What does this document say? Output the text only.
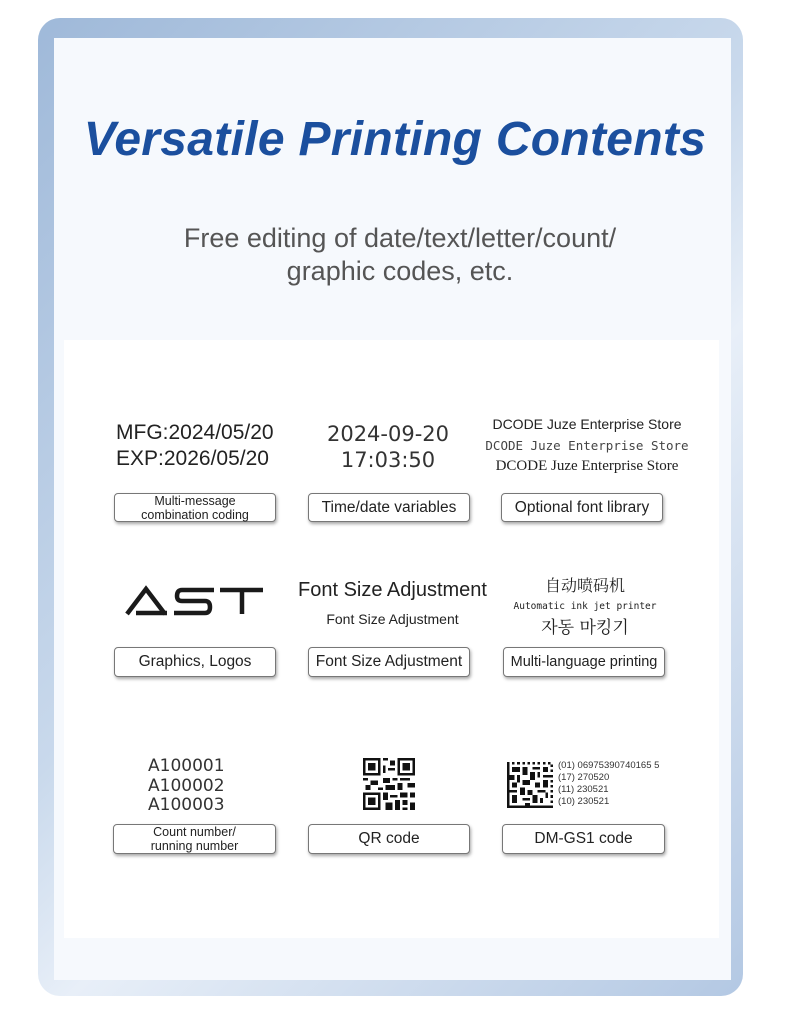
Versatile Printing Contents
Free editing of date/text/letter/count/
graphic codes, etc.
MFG:2024/05/20
EXP:2026/05/20
2024-09-20
17:03:50
DCODE Juze Enterprise Store
DCODE Juze Enterprise Store
DCODE Juze Enterprise Store
Multi-message
combination coding	Time/date variables	Optional font library
Font Size Adjustment
Font Size Adjustment
自动喷码机
Automatic ink jet printer
자동 마킹기
Graphics, Logos	Font Size Adjustment	Multi-language printing
A100001
A100002
A100003
(01) 06975390740165 5
(17) 270520
(11) 230521
(10) 230521
Count number/
running number	QR code	DM-GS1 code
